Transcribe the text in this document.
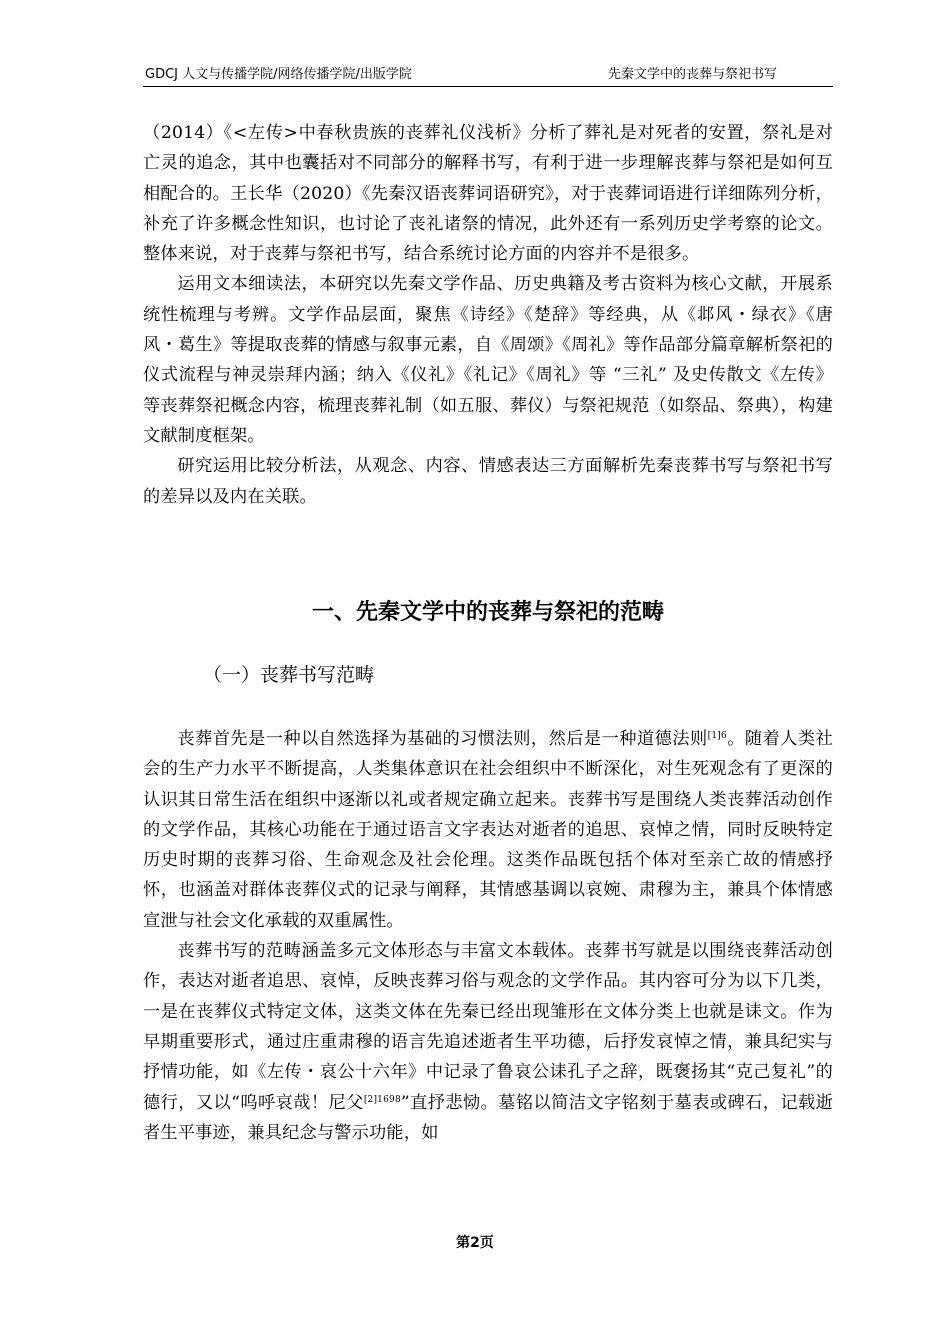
GDCJ 人文与传播学院/网络传播学院/出版学院	先秦文学中的丧葬与祭祀书写

（2014）《<左传>中春秋贵族的丧葬礼仪浅析》分析了葬礼是对死者的安置，祭礼是对亡灵的追念，其中也囊括对不同部分的解释书写，有利于进一步理解丧葬与祭祀是如何互相配合的。王长华（2020）《先秦汉语丧葬词语研究》，对于丧葬词语进行详细陈列分析，补充了许多概念性知识，也讨论了丧礼诸祭的情况，此外还有一系列历史学考察的论文。整体来说，对于丧葬与祭祀书写，结合系统讨论方面的内容并不是很多。

运用文本细读法，本研究以先秦文学作品、历史典籍及考古资料为核心文献，开展系统性梳理与考辨。文学作品层面，聚焦《诗经》《楚辞》等经典，从《邶风・绿衣》《唐风・葛生》等提取丧葬的情感与叙事元素，自《周颂》《周礼》等作品部分篇章解析祭祀的仪式流程与神灵崇拜内涵；纳入《仪礼》《礼记》《周礼》等 “三礼” 及史传散文《左传》等丧葬祭祀概念内容，梳理丧葬礼制（如五服、葬仪）与祭祀规范（如祭品、祭典），构建文献制度框架。

研究运用比较分析法，从观念、内容、情感表达三方面解析先秦丧葬书写与祭祀书写的差异以及内在关联。

一、先秦文学中的丧葬与祭祀的范畴
（一）丧葬书写范畴

丧葬首先是一种以自然选择为基础的习惯法则，然后是一种道德法则$^{[1]6}$。随着人类社会的生产力水平不断提高，人类集体意识在社会组织中不断深化，对生死观念有了更深的认识其日常生活在组织中逐渐以礼或者规定确立起来。丧葬书写是围绕人类丧葬活动创作的文学作品，其核心功能在于通过语言文字表达对逝者的追思、哀悼之情，同时反映特定历史时期的丧葬习俗、生命观念及社会伦理。这类作品既包括个体对至亲亡故的情感抒怀，也涵盖对群体丧葬仪式的记录与阐释，其情感基调以哀婉、肃穆为主，兼具个体情感宣泄与社会文化承载的双重属性。

丧葬书写的范畴涵盖多元文体形态与丰富文本载体。丧葬书写就是以围绕丧葬活动创作，表达对逝者追思、哀悼，反映丧葬习俗与观念的文学作品。其内容可分为以下几类，一是在丧葬仪式特定文体，这类文体在先秦已经出现雏形在文体分类上也就是诔文。作为早期重要形式，通过庄重肃穆的语言先追述逝者生平功德，后抒发哀悼之情，兼具纪实与抒情功能，如《左传・哀公十六年》中记录了鲁哀公诔孔子之辞，既褒扬其“克己复礼”的德行，又以“呜呼哀哉！尼父$^{[2]1698}$”直抒悲恸。墓铭以简洁文字铭刻于墓表或碑石，记载逝者生平事迹，兼具纪念与警示功能，如

第2页
